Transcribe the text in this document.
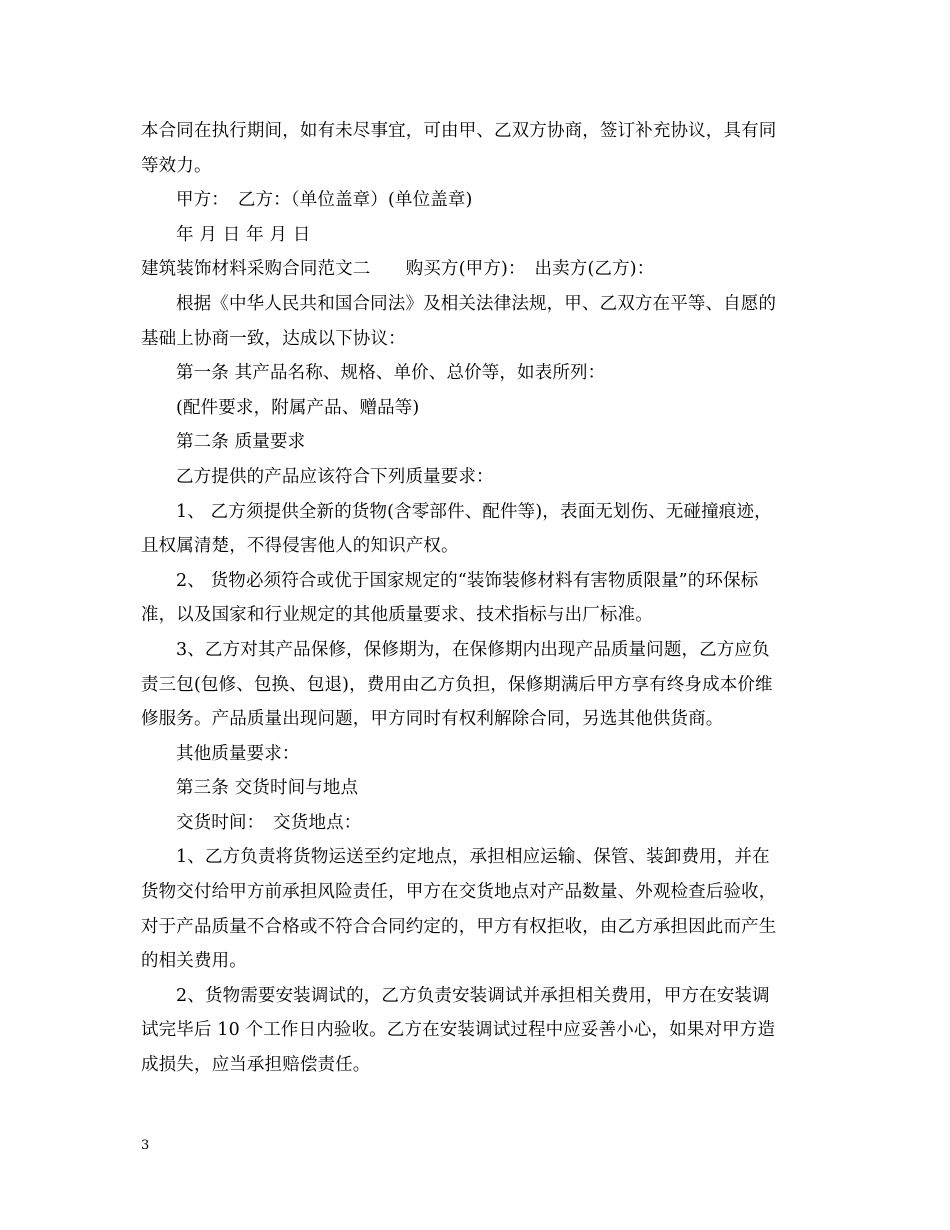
本合同在执行期间，如有未尽事宜，可由甲、乙双方协商，签订补充协议，具有同
等效力。
甲方：　乙方：（单位盖章）(单位盖章)
年 月 日 年 月 日
建筑装饰材料采购合同范文二　　购买方(甲方)：　出卖方(乙方)：
根据《中华人民共和国合同法》及相关法律法规，甲、乙双方在平等、自愿的
基础上协商一致，达成以下协议：
第一条 其产品名称、规格、单价、总价等，如表所列：
(配件要求，附属产品、赠品等)
第二条 质量要求
乙方提供的产品应该符合下列质量要求：
1、 乙方须提供全新的货物(含零部件、配件等)，表面无划伤、无碰撞痕迹，
且权属清楚，不得侵害他人的知识产权。
2、 货物必须符合或优于国家规定的“装饰装修材料有害物质限量”的环保标
准，以及国家和行业规定的其他质量要求、技术指标与出厂标准。
3、乙方对其产品保修，保修期为，在保修期内出现产品质量问题，乙方应负
责三包(包修、包换、包退)，费用由乙方负担，保修期满后甲方享有终身成本价维
修服务。产品质量出现问题，甲方同时有权利解除合同，另选其他供货商。
其他质量要求：
第三条 交货时间与地点
交货时间：　交货地点：
1、乙方负责将货物运送至约定地点，承担相应运输、保管、装卸费用，并在
货物交付给甲方前承担风险责任，甲方在交货地点对产品数量、外观检查后验收，
对于产品质量不合格或不符合合同约定的，甲方有权拒收，由乙方承担因此而产生
的相关费用。
2、货物需要安装调试的，乙方负责安装调试并承担相关费用，甲方在安装调
试完毕后 10 个工作日内验收。乙方在安装调试过程中应妥善小心，如果对甲方造
成损失，应当承担赔偿责任。
3
